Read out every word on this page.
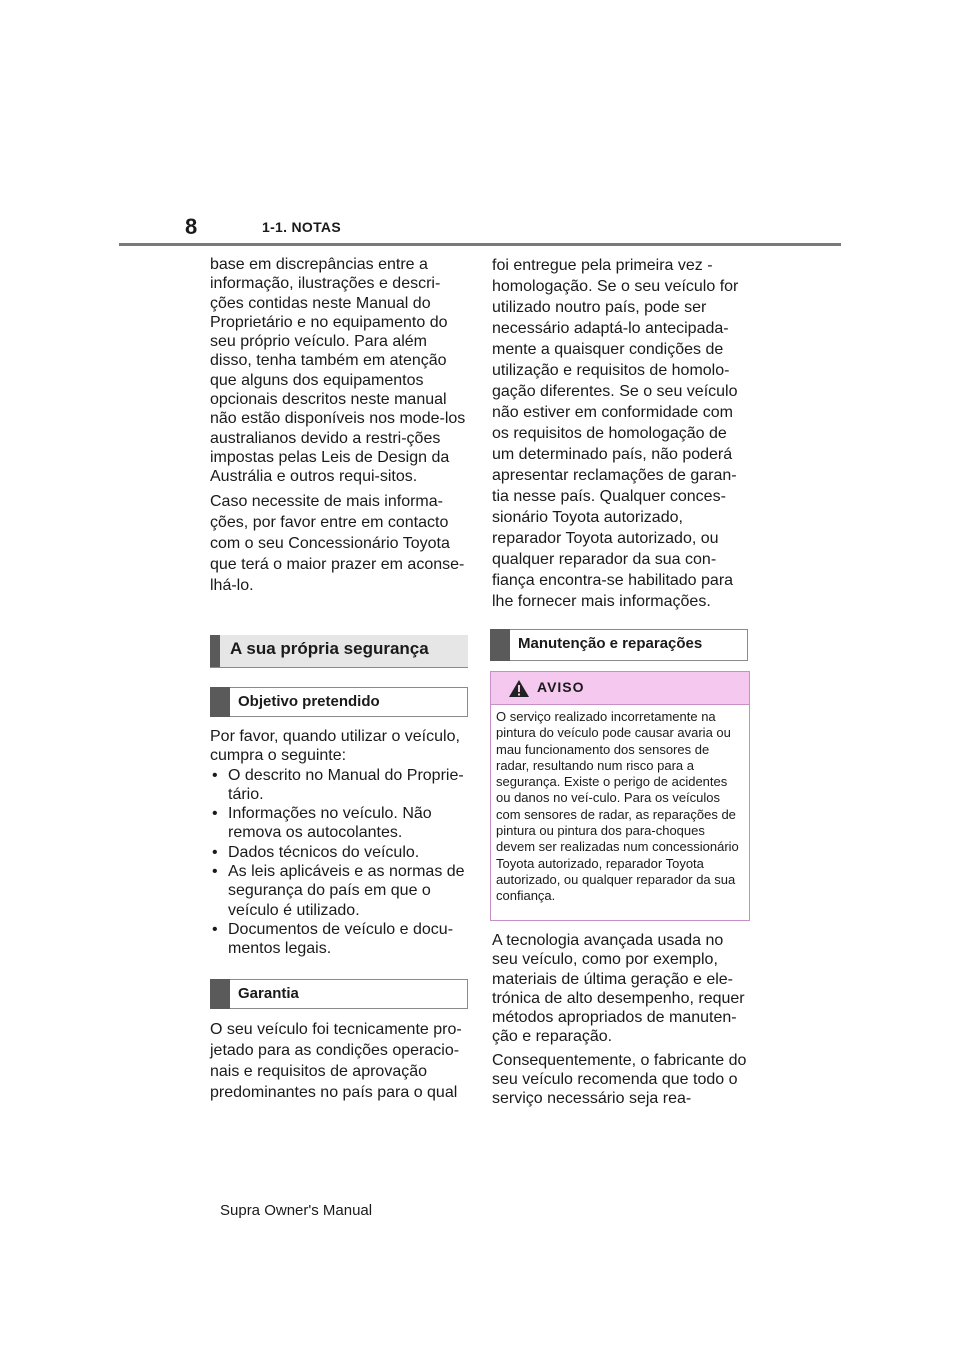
8	1-1. NOTAS

base em discrepâncias entre a informação, ilustrações e descri-ções contidas neste Manual do Proprietário e no equipamento do seu próprio veículo. Para além disso, tenha também em atenção que alguns dos equipamentos opcionais descritos neste manual não estão disponíveis nos mode-los australianos devido a restri-ções impostas pelas Leis de Design da Austrália e outros requi-sitos.

Caso necessite de mais informa-ções, por favor entre em contacto com o seu Concessionário Toyota que terá o maior prazer em aconse-lhá-lo.

A sua própria segurança
Objetivo pretendido

Por favor, quando utilizar o veículo, cumpra o seguinte:

• O descrito no Manual do Proprie-tário.
• Informações no veículo. Não remova os autocolantes.
• Dados técnicos do veículo.
• As leis aplicáveis e as normas de segurança do país em que o veículo é utilizado.
• Documentos de veículo e docu-mentos legais.
Garantia

O seu veículo foi tecnicamente pro-jetado para as condições operacio-nais e requisitos de aprovação predominantes no país para o qual

foi entregue pela primeira vez - homologação. Se o seu veículo for utilizado noutro país, pode ser necessário adaptá-lo antecipada-mente a quaisquer condições de utilização e requisitos de homolo-gação diferentes. Se o seu veículo não estiver em conformidade com os requisitos de homologação de um determinado país, não poderá apresentar reclamações de garan-tia nesse país. Qualquer conces-sionário Toyota autorizado, reparador Toyota autorizado, ou qualquer reparador da sua con-fiança encontra-se habilitado para lhe fornecer mais informações.

Manutenção e reparações
AVISO
O serviço realizado incorretamente na pintura do veículo pode causar avaria ou mau funcionamento dos sensores de radar, resultando num risco para a segurança. Existe o perigo de acidentes ou danos no veí-culo. Para os veículos com sensores de radar, as reparações de pintura ou pintura dos para-choques devem ser realizadas num concessionário Toyota autorizado, reparador Toyota autorizado, ou qualquer reparador da sua confiança.

A tecnologia avançada usada no seu veículo, como por exemplo, materiais de última geração e ele-trónica de alto desempenho, requer métodos apropriados de manuten-ção e reparação.

Consequentemente, o fabricante do seu veículo recomenda que todo o serviço necessário seja rea-

Supra Owner's Manual
